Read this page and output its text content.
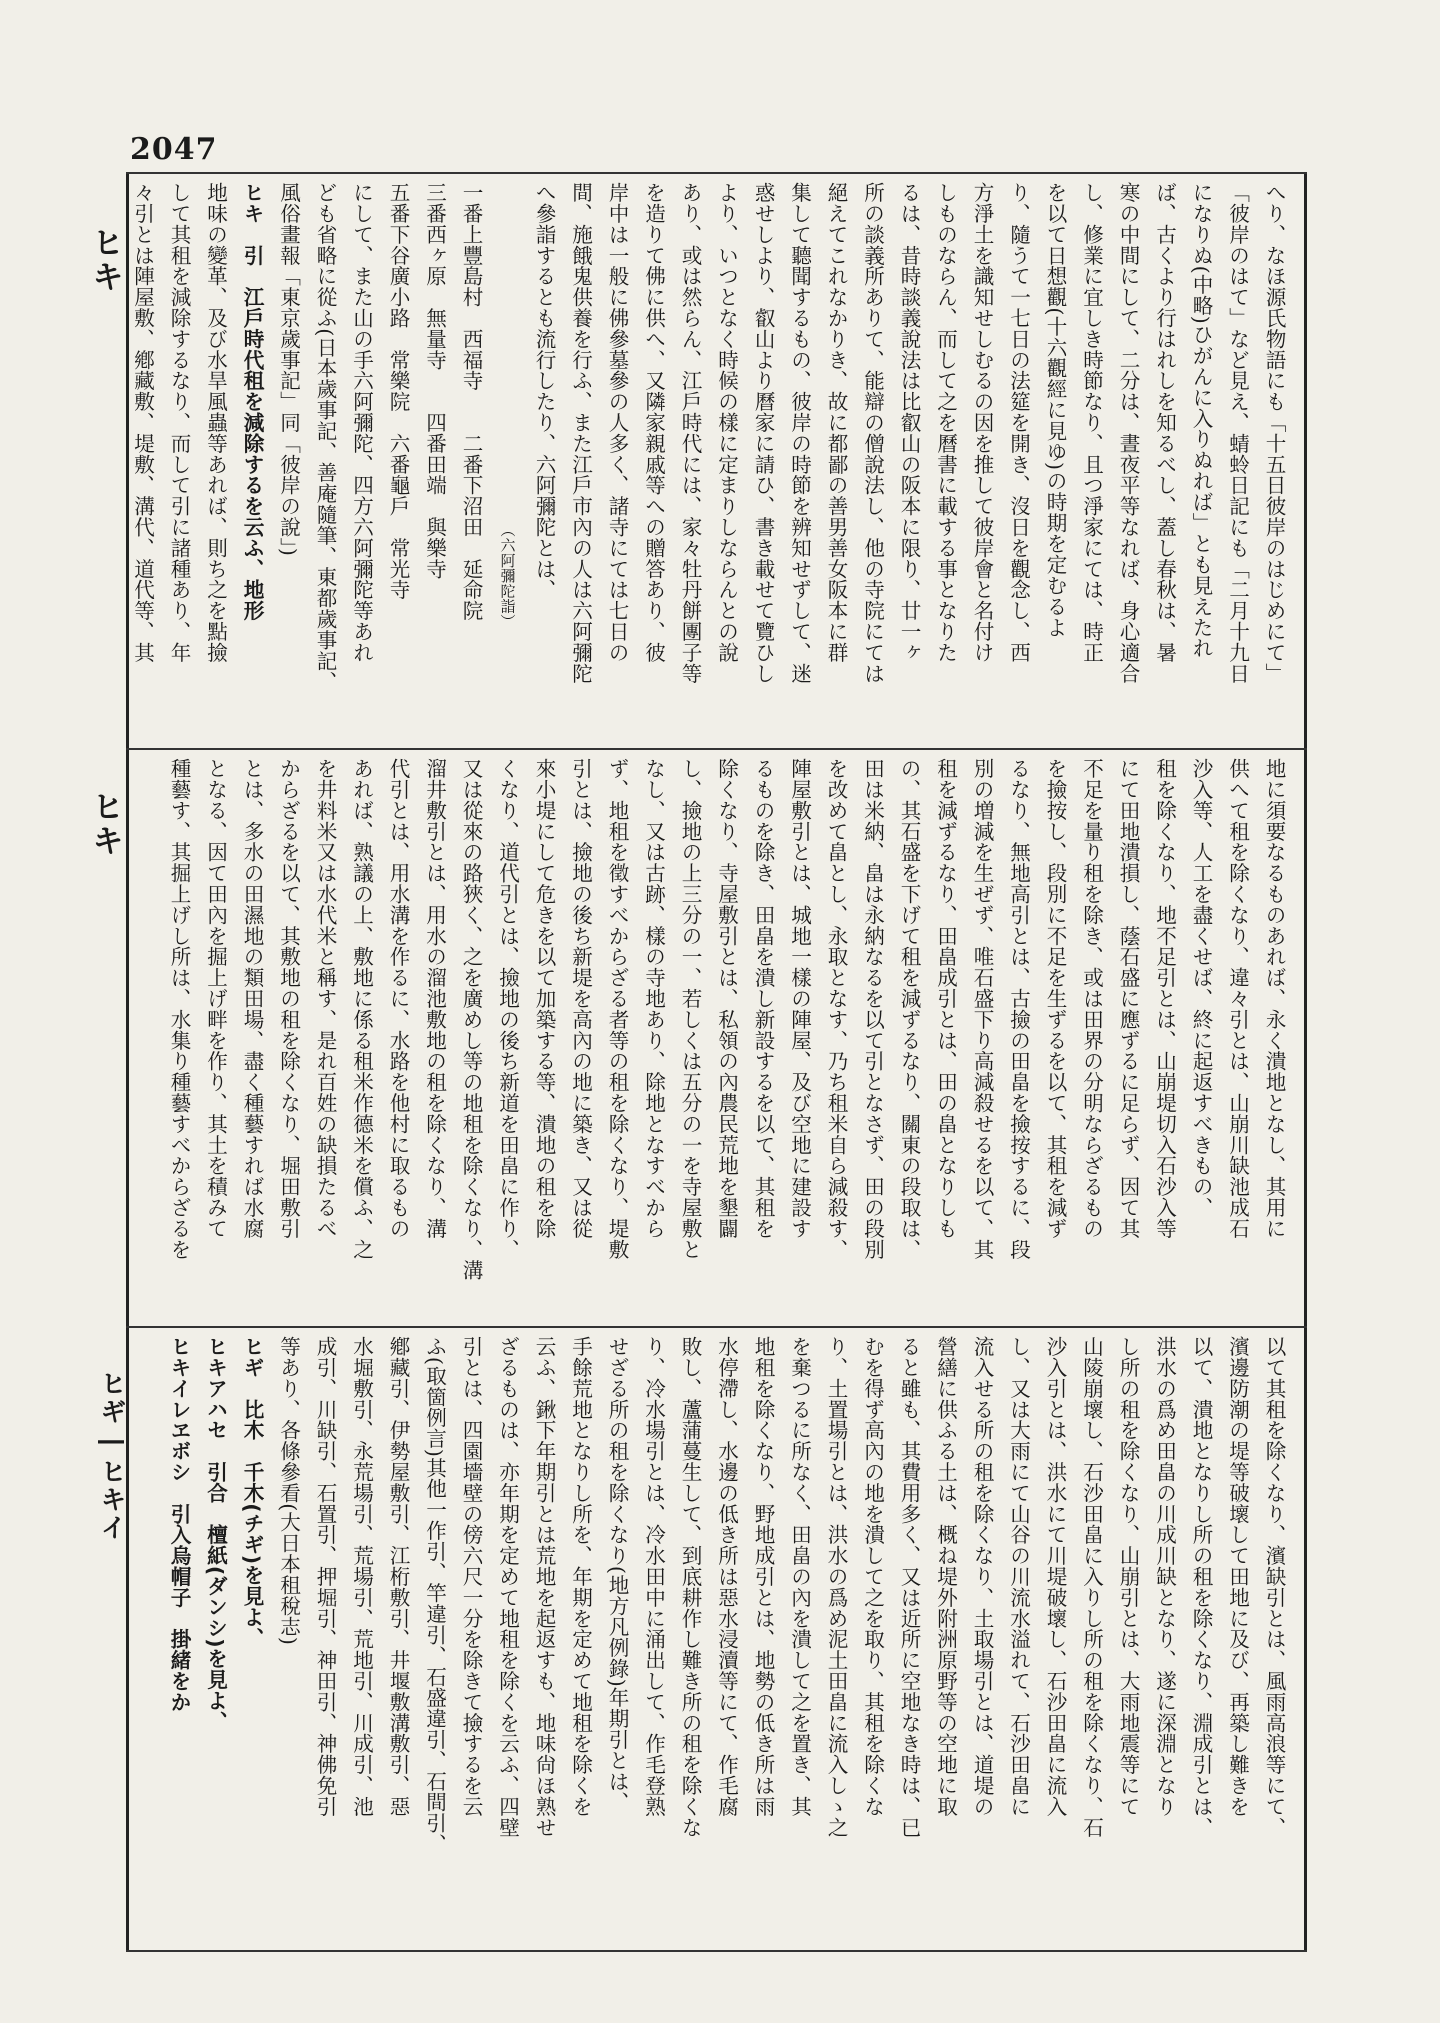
2047
ヒキ
ヒキ
ヒギ―ヒキイ

へり、なほ源氏物語にも「十五日彼岸のはじめにて」

「彼岸のはて」など見え、蜻蛉日記にも「二月十九日

になりぬ(中略)ひがんに入りぬれば」とも見えたれ

ば、古くより行はれしを知るべし、蓋し春秋は、暑

寒の中間にして、二分は、晝夜平等なれば、身心適合

し、修業に宜しき時節なり、且つ淨家にては、時正

を以て日想觀(十六觀經に見ゆ)の時期を定むるよ

り、隨うて一七日の法筵を開き、沒日を觀念し、西

方淨土を識知せしむるの因を推して彼岸會と名付け

しものならん、而して之を曆書に載する事となりた

るは、昔時談義說法は比叡山の阪本に限り、廿一ヶ

所の談義所ありて、能辯の僧說法し、他の寺院にては

絕えてこれなかりき、故に都鄙の善男善女阪本に群

集して聽聞するもの、彼岸の時節を辨知せずして、迷

惑せしより、叡山より曆家に請ひ、書き載せて覽ひし

より、いつとなく時候の樣に定まりしならんとの說

あり、或は然らん、江戶時代には、家々牡丹餅團子等

を造りて佛に供へ、又隣家親戚等への贈答あり、彼

岸中は一般に佛參墓參の人多く、諸寺にては七日の

間、施餓鬼供養を行ふ、また江戶市內の人は六阿彌陀

へ參詣するとも流行したり、六阿彌陀とは、

（六阿彌陀詣）

一番上豐島村　西福寺　　二番下沼田　延命院

三番西ヶ原　無量寺　　四番田端　與樂寺

五番下谷廣小路　常樂院　六番龜戶　常光寺

にして、また山の手六阿彌陀、四方六阿彌陀等あれ

ども省略に從ふ(日本歲事記、善庵隨筆、東都歲事記、

風俗畫報「東京歲事記」同「彼岸の說」)

ヒキ　引　江戶時代租を減除するを云ふ、地形

地味の變革、及び水旱風蟲等あれば、則ち之を點撿

して其租を減除するなり、而して引に諸種あり、年

々引とは陣屋敷、鄕藏敷、堤敷、溝代、道代等、其

地に須要なるものあれば、永く潰地となし、其用に

供へて租を除くなり、違々引とは、山崩川缺池成石

沙入等、人工を盡くせば、終に起返すべきもの、

租を除くなり、地不足引とは、山崩堤切入石沙入等

にて田地潰損し、蔭石盛に應ずるに足らず、因て其

不足を量り租を除き、或は田界の分明ならざるもの

を撿按し、段別に不足を生ずるを以て、其租を減ず

るなり、無地高引とは、古撿の田畠を撿按するに、段

別の増減を生ぜず、唯石盛下り高減殺せるを以て、其

租を減ずるなり、田畠成引とは、田の畠となりしも

の、其石盛を下げて租を減ずるなり、關東の段取は、

田は米納、畠は永納なるを以て引となさず、田の段別

を改めて畠とし、永取となす、乃ち租米自ら減殺す、

陣屋敷引とは、城地一樣の陣屋、及び空地に建設す

るものを除き、田畠を潰し新設するを以て、其租を

除くなり、寺屋敷引とは、私領の內農民荒地を墾闢

し、撿地の上三分の一、若しくは五分の一を寺屋敷と

なし、又は古跡、樣の寺地あり、除地となすべから

ず、地租を徵すべからざる者等の租を除くなり、堤敷

引とは、撿地の後ち新堤を高內の地に築き、又は從

來小堤にして危きを以て加築する等、潰地の租を除

くなり、道代引とは、撿地の後ち新道を田畠に作り、

又は從來の路狹く、之を廣めし等の地租を除くなり、溝

溜井敷引とは、用水の溜池敷地の租を除くなり、溝

代引とは、用水溝を作るに、水路を他村に取るもの

あれば、熟議の上、敷地に係る租米作德米を償ふ、之

を井料米又は水代米と稱す、是れ百姓の缺損たるべ

からざるを以て、其敷地の租を除くなり、堀田敷引

とは、多水の田濕地の類田場、盡く種藝すれば水腐

となる、因て田內を掘上げ畔を作り、其土を積みて

種藝す、其掘上げし所は、水集り種藝すべからざるを

以て其租を除くなり、濱缺引とは、風雨高浪等にて、

濱邊防潮の堤等破壞して田地に及び、再築し難きを

以て、潰地となりし所の租を除くなり、淵成引とは、

洪水の爲め田畠の川成川缺となり、遂に深淵となり

し所の租を除くなり、山崩引とは、大雨地震等にて

山陵崩壞し、石沙田畠に入りし所の租を除くなり、石

沙入引とは、洪水にて川堤破壞し、石沙田畠に流入

し、又は大雨にて山谷の川流水溢れて、石沙田畠に

流入せる所の租を除くなり、土取場引とは、道堤の

營繕に供ふる土は、概ね堤外附洲原野等の空地に取

ると雖も、其費用多く、又は近所に空地なき時は、已

むを得ず高內の地を潰して之を取り、其租を除くな

り、土置場引とは、洪水の爲め泥土田畠に流入しゝ之

を棄つるに所なく、田畠の內を潰して之を置き、其

地租を除くなり、野地成引とは、地勢の低き所は雨

水停滯し、水邊の低き所は惡水浸瀆等にて、作毛腐

敗し、蘆蒲蔓生して、到底耕作し難き所の租を除くな

り、冷水場引とは、冷水田中に涌出して、作毛登熟

せざる所の租を除くなり(地方凡例錄)年期引とは、

手餘荒地となりし所を、年期を定めて地租を除くを

云ふ、鍬下年期引とは荒地を起返すも、地味尙ほ熟せ

ざるものは、亦年期を定めて地租を除くを云ふ、四壁

引とは、四園墻壁の傍六尺一分を除きて撿するを云

ふ(取箇例言)其他一作引、竿違引、石盛違引、石間引、

鄕藏引、伊勢屋敷引、江桁敷引、井堰敷溝敷引、惡

水堀敷引、永荒場引、荒場引、荒地引、川成引、池

成引、川缺引、石置引、押堀引、神田引、神佛免引

等あり、各條參看(大日本租稅志)

ヒギ　比木　千木(チギ)を見よ、

ヒキアハセ　引合　檀紙(ダンシ)を見よ、

ヒキイレヱボシ　引入烏帽子　掛緒をか
